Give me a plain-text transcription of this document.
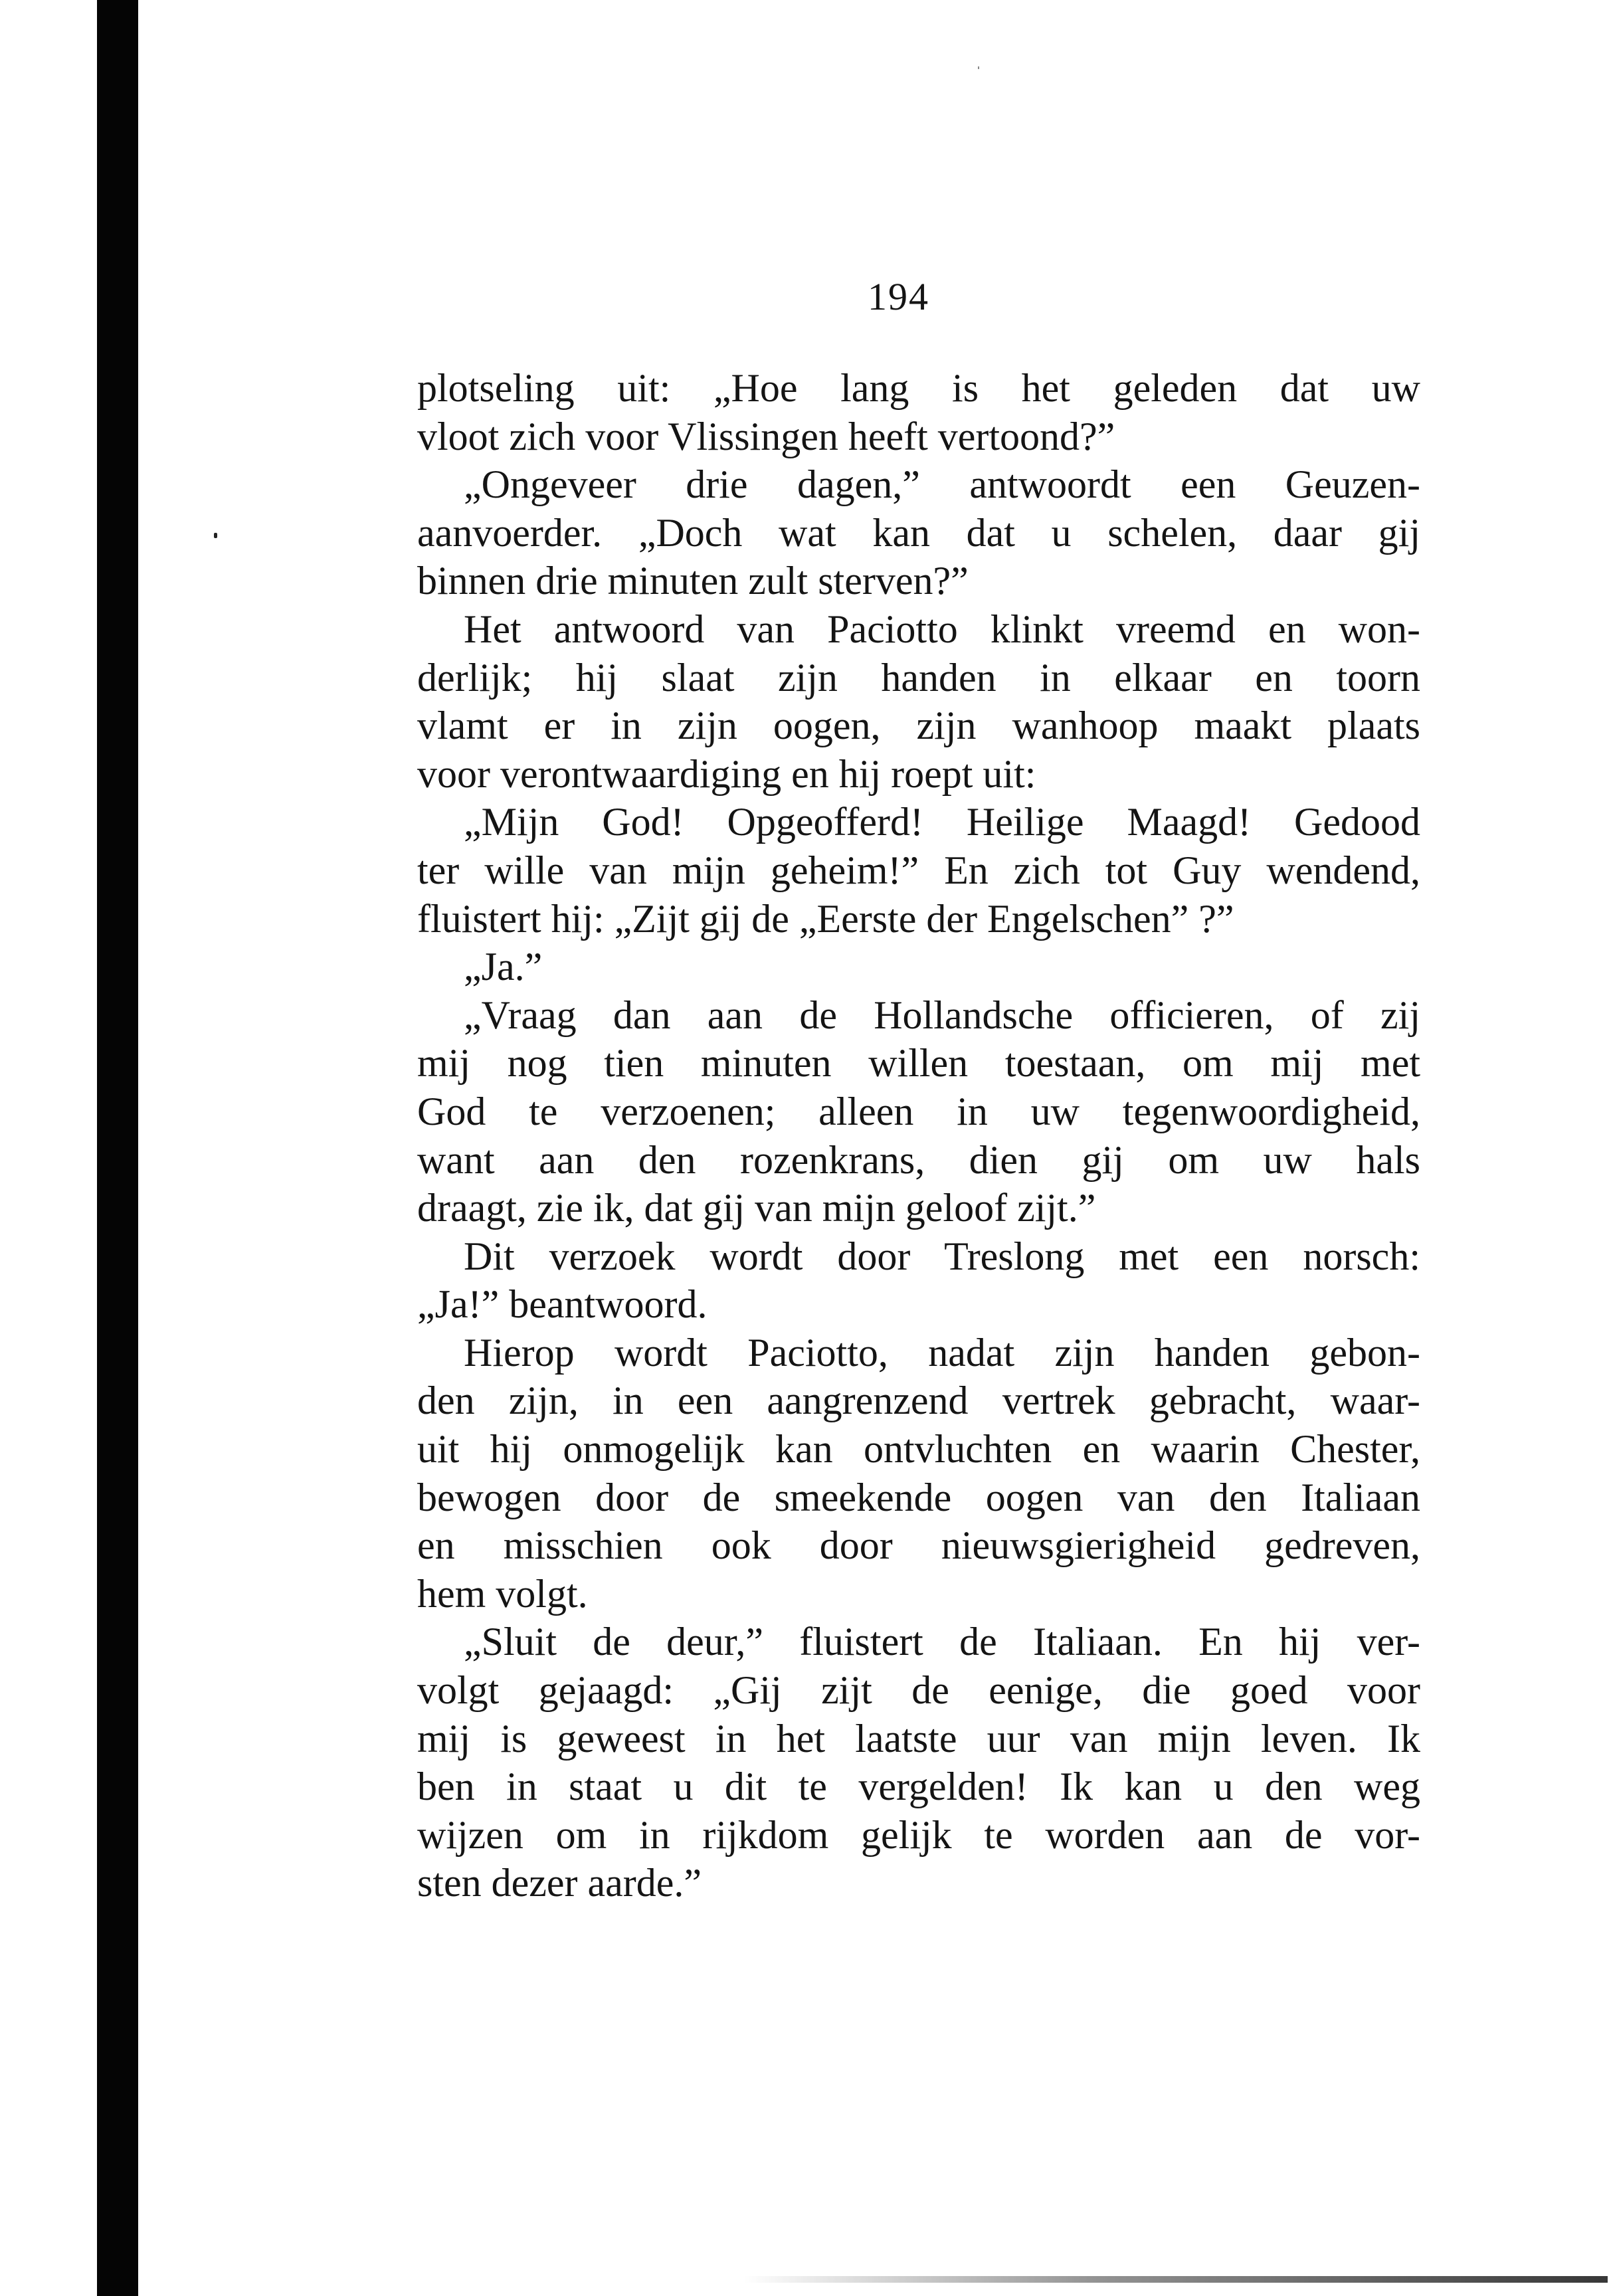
194
plotseling uit: „Hoe lang is het geleden dat uw
vloot zich voor Vlissingen heeft vertoond?”
„Ongeveer drie dagen,” antwoordt een Geuzen-
aanvoerder. „Doch wat kan dat u schelen, daar gij
binnen drie minuten zult sterven?”
Het antwoord van Paciotto klinkt vreemd en won-
derlijk; hij slaat zijn handen in elkaar en toorn
vlamt er in zijn oogen, zijn wanhoop maakt plaats
voor verontwaardiging en hij roept uit:
„Mijn God! Opgeofferd! Heilige Maagd! Gedood
ter wille van mijn geheim!” En zich tot Guy wendend,
fluistert hij: „Zijt gij de „Eerste der Engelschen” ?”
„Ja.”
„Vraag dan aan de Hollandsche officieren, of zij
mij nog tien minuten willen toestaan, om mij met
God te verzoenen; alleen in uw tegenwoordigheid,
want aan den rozenkrans, dien gij om uw hals
draagt, zie ik, dat gij van mijn geloof zijt.”
Dit verzoek wordt door Treslong met een norsch:
„Ja!” beantwoord.
Hierop wordt Paciotto, nadat zijn handen gebon-
den zijn, in een aangrenzend vertrek gebracht, waar-
uit hij onmogelijk kan ontvluchten en waarin Chester,
bewogen door de smeekende oogen van den Italiaan
en misschien ook door nieuwsgierigheid gedreven,
hem volgt.
„Sluit de deur,” fluistert de Italiaan. En hij ver-
volgt gejaagd: „Gij zijt de eenige, die goed voor
mij is geweest in het laatste uur van mijn leven. Ik
ben in staat u dit te vergelden! Ik kan u den weg
wijzen om in rijkdom gelijk te worden aan de vor-
sten dezer aarde.”
